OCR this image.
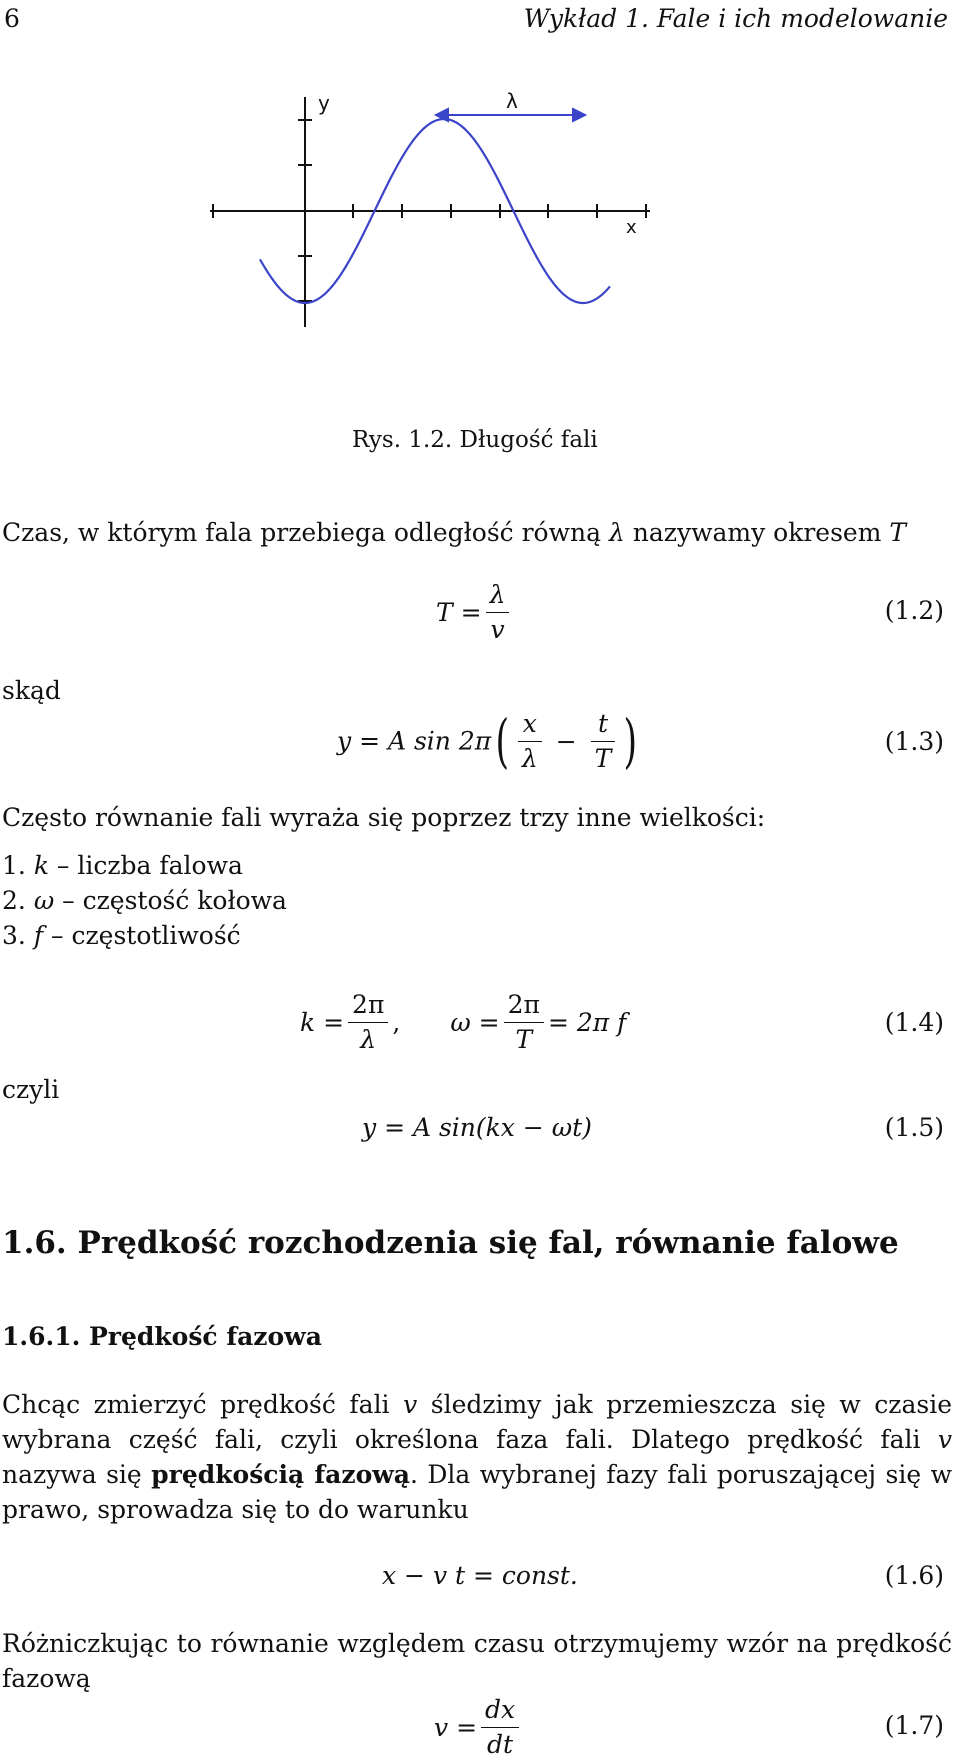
6	Wykład 1. Fale i ich modelowanie
y
x
λ
Rys. 1.2. Długość fali
Czas, w którym fala przebiega odległość równą λ nazywamy okresem T
$T = \frac{\lambda}{v}$	(1.2)
skąd
y = A $\sin 2\pi( \frac{x}{\lambda} - \frac{t}{T}$ )	(1.3)
Często równanie fali wyraża się poprzez trzy inne wielkości:
1. k – liczba falowa
2. ω – częstość kołowa
3. f – częstotliwość
$k = \frac{2\pi}{\lambda}$ , $\omega = \frac{2\pi}{T} = 2\pi$ f	(1.4)
czyli
y = A sin(kx − ωt)	(1.5)
1.6. Prędkość rozchodzenia się fal, równanie falowe
1.6.1. Prędkość fazowa
Chcąc zmierzyć prędkość fali v śledzimy jak przemieszcza się w czasie wybrana część fali, czyli określona faza fali. Dlatego prędkość fali v nazywa się prędkością fazową. Dla wybranej fazy fali poruszającej się w prawo, sprowadza się to do warunku
x − v t = const.	(1.6)
Różniczkując to równanie względem czasu otrzymujemy wzór na prędkość fazową
$v = \frac{dx}{dt}$	(1.7)
